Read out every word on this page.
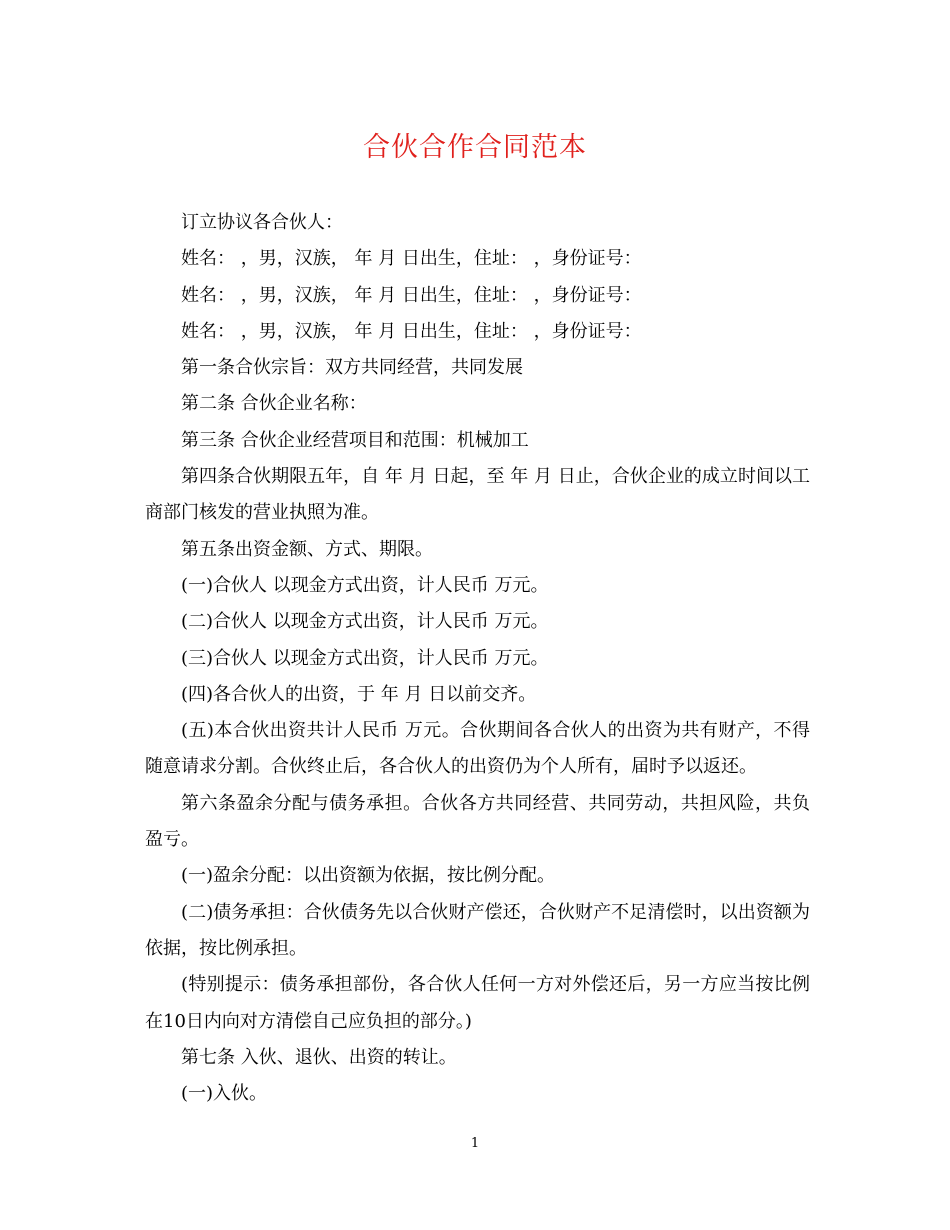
合伙合作合同范本

订立协议各合伙人：

姓名： ，男，汉族， 年 月 日出生，住址： ，身份证号：

姓名： ，男，汉族， 年 月 日出生，住址： ，身份证号：

姓名： ，男，汉族， 年 月 日出生，住址： ，身份证号：

第一条合伙宗旨：双方共同经营，共同发展

第二条 合伙企业名称：

第三条 合伙企业经营项目和范围：机械加工

第四条合伙期限五年，自 年 月 日起，至 年 月 日止，合伙企业的成立时间以工商部门核发的营业执照为准。

第五条出资金额、方式、期限。

(一)合伙人 以现金方式出资，计人民币 万元。

(二)合伙人 以现金方式出资，计人民币 万元。

(三)合伙人 以现金方式出资，计人民币 万元。

(四)各合伙人的出资，于 年 月 日以前交齐。

(五)本合伙出资共计人民币 万元。合伙期间各合伙人的出资为共有财产，不得随意请求分割。合伙终止后，各合伙人的出资仍为个人所有，届时予以返还。

第六条盈余分配与债务承担。合伙各方共同经营、共同劳动，共担风险，共负盈亏。

(一)盈余分配：以出资额为依据，按比例分配。

(二)债务承担：合伙债务先以合伙财产偿还，合伙财产不足清偿时，以出资额为依据，按比例承担。

(特别提示：债务承担部份，各合伙人任何一方对外偿还后，另一方应当按比例在10日内向对方清偿自己应负担的部分。)

第七条 入伙、退伙、出资的转让。

(一)入伙。

1
